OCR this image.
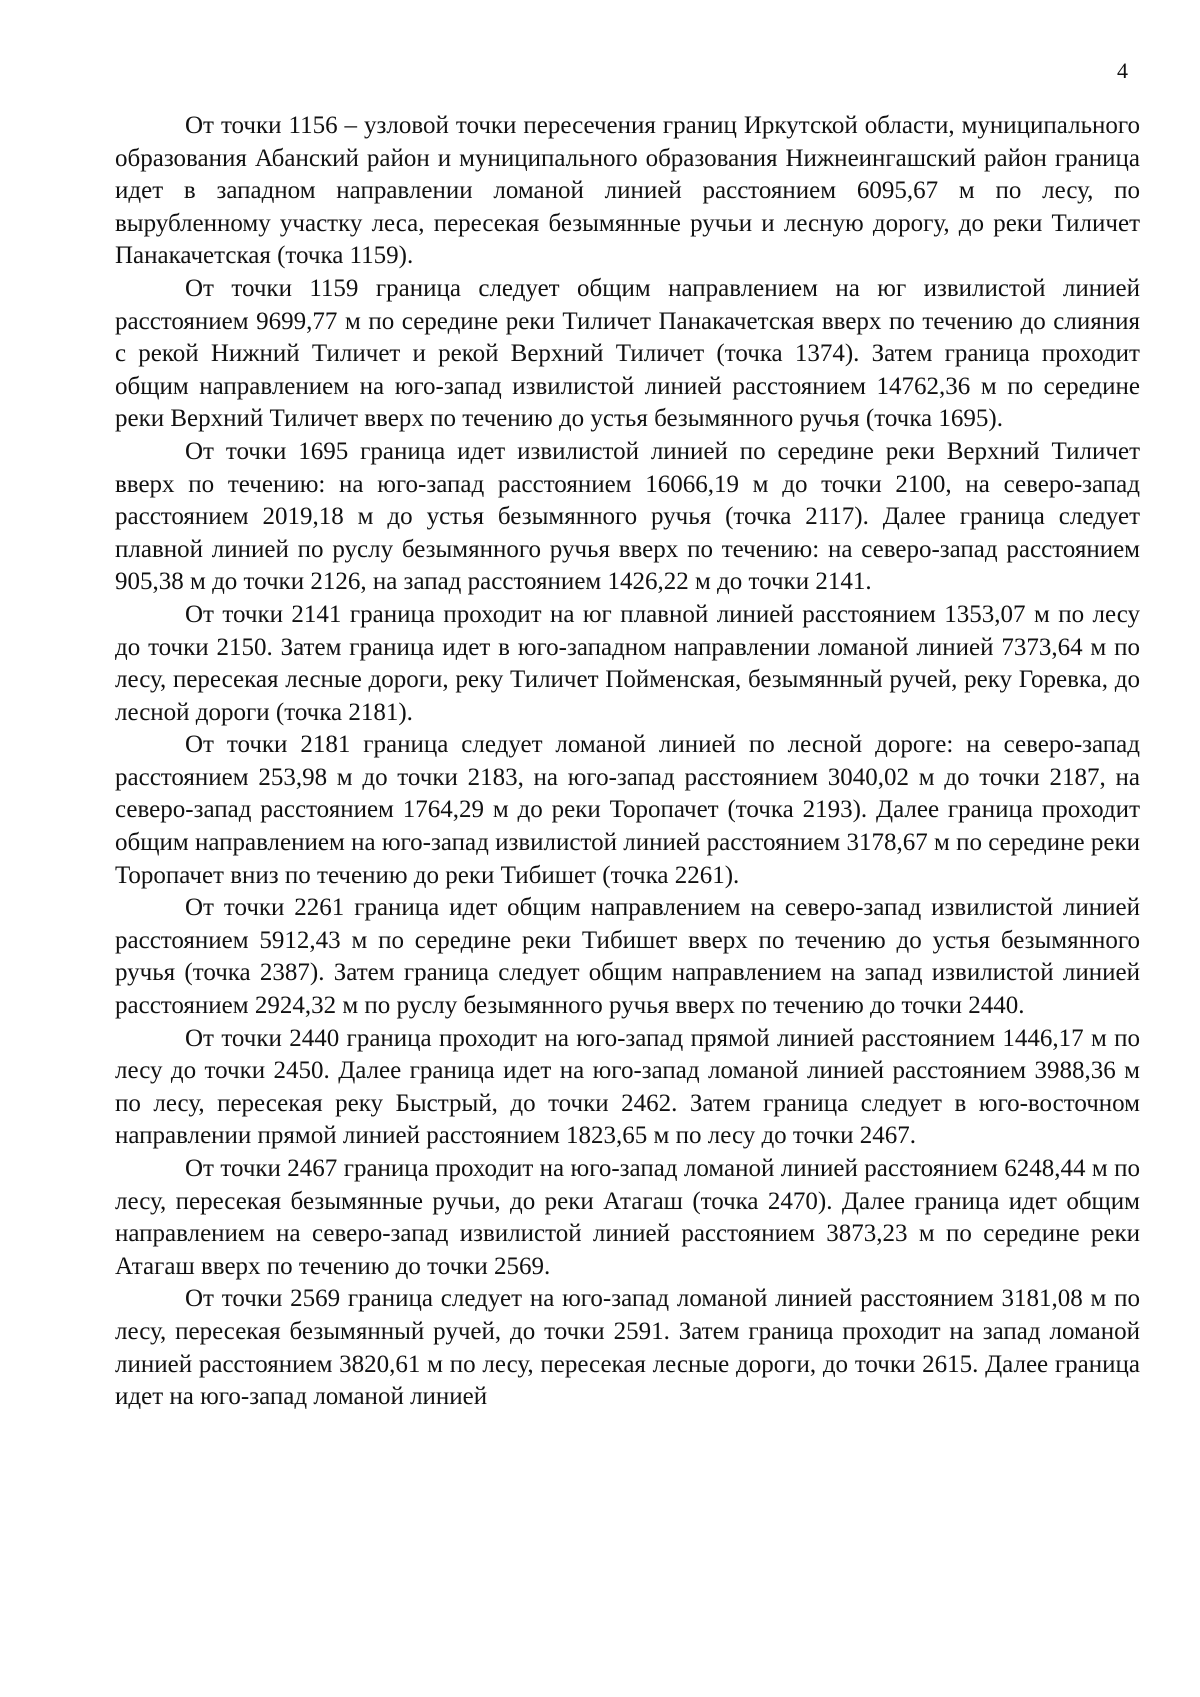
4

От точки 1156 – узловой точки пересечения границ Иркутской области, муниципального образования Абанский район и муниципального образования Нижнеингашский район граница идет в западном направлении ломаной линией расстоянием 6095,67 м по лесу, по вырубленному участку леса, пересекая безымянные ручьи и лесную дорогу, до реки Тиличет Панакачетская (точка 1159).

От точки 1159 граница следует общим направлением на юг извилистой линией расстоянием 9699,77 м по середине реки Тиличет Панакачетская вверх по течению до слияния с рекой Нижний Тиличет и рекой Верхний Тиличет (точка 1374). Затем граница проходит общим направлением на юго-запад извилистой линией расстоянием 14762,36 м по середине реки Верхний Тиличет вверх по течению до устья безымянного ручья (точка 1695).

От точки 1695 граница идет извилистой линией по середине реки Верхний Тиличет вверх по течению: на юго-запад расстоянием 16066,19 м до точки 2100, на северо-запад расстоянием 2019,18 м до устья безымянного ручья (точка 2117). Далее граница следует плавной линией по руслу безымянного ручья вверх по течению: на северо-запад расстоянием 905,38 м до точки 2126, на запад расстоянием 1426,22 м до точки 2141.

От точки 2141 граница проходит на юг плавной линией расстоянием 1353,07 м по лесу до точки 2150. Затем граница идет в юго-западном направлении ломаной линией 7373,64 м по лесу, пересекая лесные дороги, реку Тиличет Пойменская, безымянный ручей, реку Горевка, до лесной дороги (точка 2181).

От точки 2181 граница следует ломаной линией по лесной дороге: на северо-запад расстоянием 253,98 м до точки 2183, на юго-запад расстоянием 3040,02 м до точки 2187, на северо-запад расстоянием 1764,29 м до реки Торопачет (точка 2193). Далее граница проходит общим направлением на юго-запад извилистой линией расстоянием 3178,67 м по середине реки Торопачет вниз по течению до реки Тибишет (точка 2261).

От точки 2261 граница идет общим направлением на северо-запад извилистой линией расстоянием 5912,43 м по середине реки Тибишет вверх по течению до устья безымянного ручья (точка 2387). Затем граница следует общим направлением на запад извилистой линией расстоянием 2924,32 м по руслу безымянного ручья вверх по течению до точки 2440.

От точки 2440 граница проходит на юго-запад прямой линией расстоянием 1446,17 м по лесу до точки 2450. Далее граница идет на юго-запад ломаной линией расстоянием 3988,36 м по лесу, пересекая реку Быстрый, до точки 2462. Затем граница следует в юго-восточном направлении прямой линией расстоянием 1823,65 м по лесу до точки 2467.

От точки 2467 граница проходит на юго-запад ломаной линией расстоянием 6248,44 м по лесу, пересекая безымянные ручьи, до реки Атагаш (точка 2470). Далее граница идет общим направлением на северо-запад извилистой линией расстоянием 3873,23 м по середине реки Атагаш вверх по течению до точки 2569.

От точки 2569 граница следует на юго-запад ломаной линией расстоянием 3181,08 м по лесу, пересекая безымянный ручей, до точки 2591. Затем граница проходит на запад ломаной линией расстоянием 3820,61 м по лесу, пересекая лесные дороги, до точки 2615. Далее граница идет на юго-запад ломаной линией
